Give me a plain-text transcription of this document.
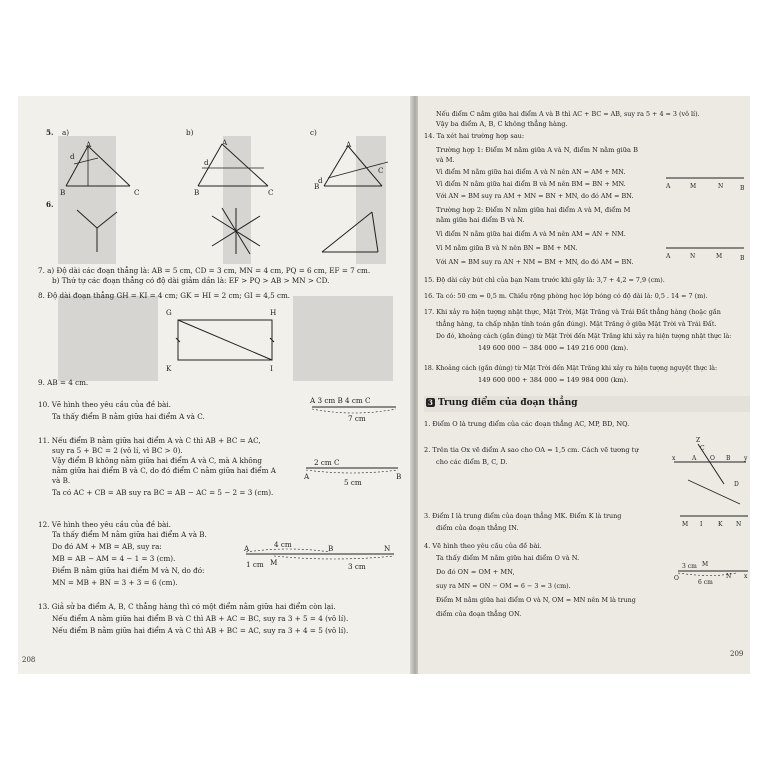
5. a)	b)	c)
A
d
B	C
A
d
B	C
A
d
B
C
6.
7. a) Độ dài các đoạn thẳng là: AB = 5 cm, CD = 3 cm, MN = 4 cm, PQ = 6 cm, EF = 7 cm.
b) Thứ tự các đoạn thẳng có độ dài giảm dần là: EF > PQ > AB > MN > CD.
8. Độ dài đoạn thẳng GH = KI = 4 cm; GK = HI = 2 cm; GI = 4,5 cm.
G	H
K	I
9. AB = 4 cm.
10. Vẽ hình theo yêu cầu của đề bài.
Ta thấy điểm B nằm giữa hai điểm A và C.
A 3 cm B 4 cm C
7 cm
11. Nếu điểm B nằm giữa hai điểm A và C thì AB + BC = AC,
suy ra 5 + BC = 2 (vô lí, vì BC > 0).
Vậy điểm B không nằm giữa hai điểm A và C, mà A không
nằm giữa hai điểm B và C, do đó điểm C nằm giữa hai điểm A
và B.
Ta có AC + CB = AB suy ra BC = AB − AC = 5 − 2 = 3 (cm).
2 cm C
A	B
5 cm
12. Vẽ hình theo yêu cầu của đề bài.
Ta thấy điểm M nằm giữa hai điểm A và B.
Do đó AM + MB = AB, suy ra:
MB = AB − AM = 4 − 1 = 3 (cm).
Điểm B nằm giữa hai điểm M và N, do đó:
MN = MB + BN = 3 + 3 = 6 (cm).
4 cm
A	B	N
1 cm M	3 cm
13. Giả sử ba điểm A, B, C thẳng hàng thì có một điểm nằm giữa hai điểm còn lại.
Nếu điểm A nằm giữa hai điểm B và C thì AB + AC = BC, suy ra 3 + 5 = 4 (vô lí).
Nếu điểm B nằm giữa hai điểm A và C thì AB + BC = AC, suy ra 3 + 4 = 5 (vô lí).
208
Nếu điểm C nằm giữa hai điểm A và B thì AC + BC = AB, suy ra 5 + 4 = 3 (vô lí).
Vậy ba điểm A, B, C không thẳng hàng.
14. Ta xét hai trường hợp sau:
Trường hợp 1: Điểm M nằm giữa A và N, điểm N nằm giữa B
và M.
Vì điểm M nằm giữa hai điểm A và N nên AN = AM + MN.
Vì điểm N nằm giữa hai điểm B và M nên BM = BN + MN.
Với AN = BM suy ra AM + MN = BN + MN, do đó AM = BN.
A	M	N	B
Trường hợp 2: Điểm N nằm giữa hai điểm A và M, điểm M
nằm giữa hai điểm B và N.
Vì điểm N nằm giữa hai điểm A và M nên AM = AN + NM.
Vì M nằm giữa B và N nên BN = BM + MN.
Với AN = BM suy ra AN + NM = BM + MN, do đó AM = BN.
A	N	M	B
15. Độ dài cây bút chì của bạn Nam trước khi gãy là: 3,7 + 4,2 = 7,9 (cm).
16. Ta có: 50 cm = 0,5 m. Chiều rộng phòng học lớp bóng có độ dài là: 0,5 . 14 = 7 (m).
17. Khi xảy ra hiện tượng nhật thực, Mặt Trời, Mặt Trăng và Trái Đất thẳng hàng (hoặc gần
thẳng hàng, ta chấp nhận tính toán gần đúng). Mặt Trăng ở giữa Mặt Trời và Trái Đất.
Do đó, khoảng cách (gần đúng) từ Mặt Trời đến Mặt Trăng khi xảy ra hiện tượng nhật thực là:
149 600 000 − 384 000 = 149 216 000 (km).
18. Khoảng cách (gần đúng) từ Mặt Trời đến Mặt Trăng khi xảy ra hiện tượng nguyệt thực là:
149 600 000 + 384 000 = 149 984 000 (km).
3 Trung điểm của đoạn thẳng
1. Điểm O là trung điểm của các đoạn thẳng AC, MP, BD, NQ.
2. Trên tia Ox vẽ điểm A sao cho OA = 1,5 cm. Cách vẽ tương tự
cho các điểm B, C, D.
Z
C
x	A O B y
D
3. Điểm I là trung điểm của đoạn thẳng MK. Điểm K là trung
điểm của đoạn thẳng IN.	M I	K N
4. Vẽ hình theo yêu cầu của đề bài.
Ta thấy điểm M nằm giữa hai điểm O và N.
Do đó ON = OM + MN,
suy ra MN = ON − OM = 6 − 3 = 3 (cm).
Điểm M nằm giữa hai điểm O và N, OM = MN nên M là trung
điểm của đoạn thẳng ON.
3 cm M
O	N x
6 cm
209
